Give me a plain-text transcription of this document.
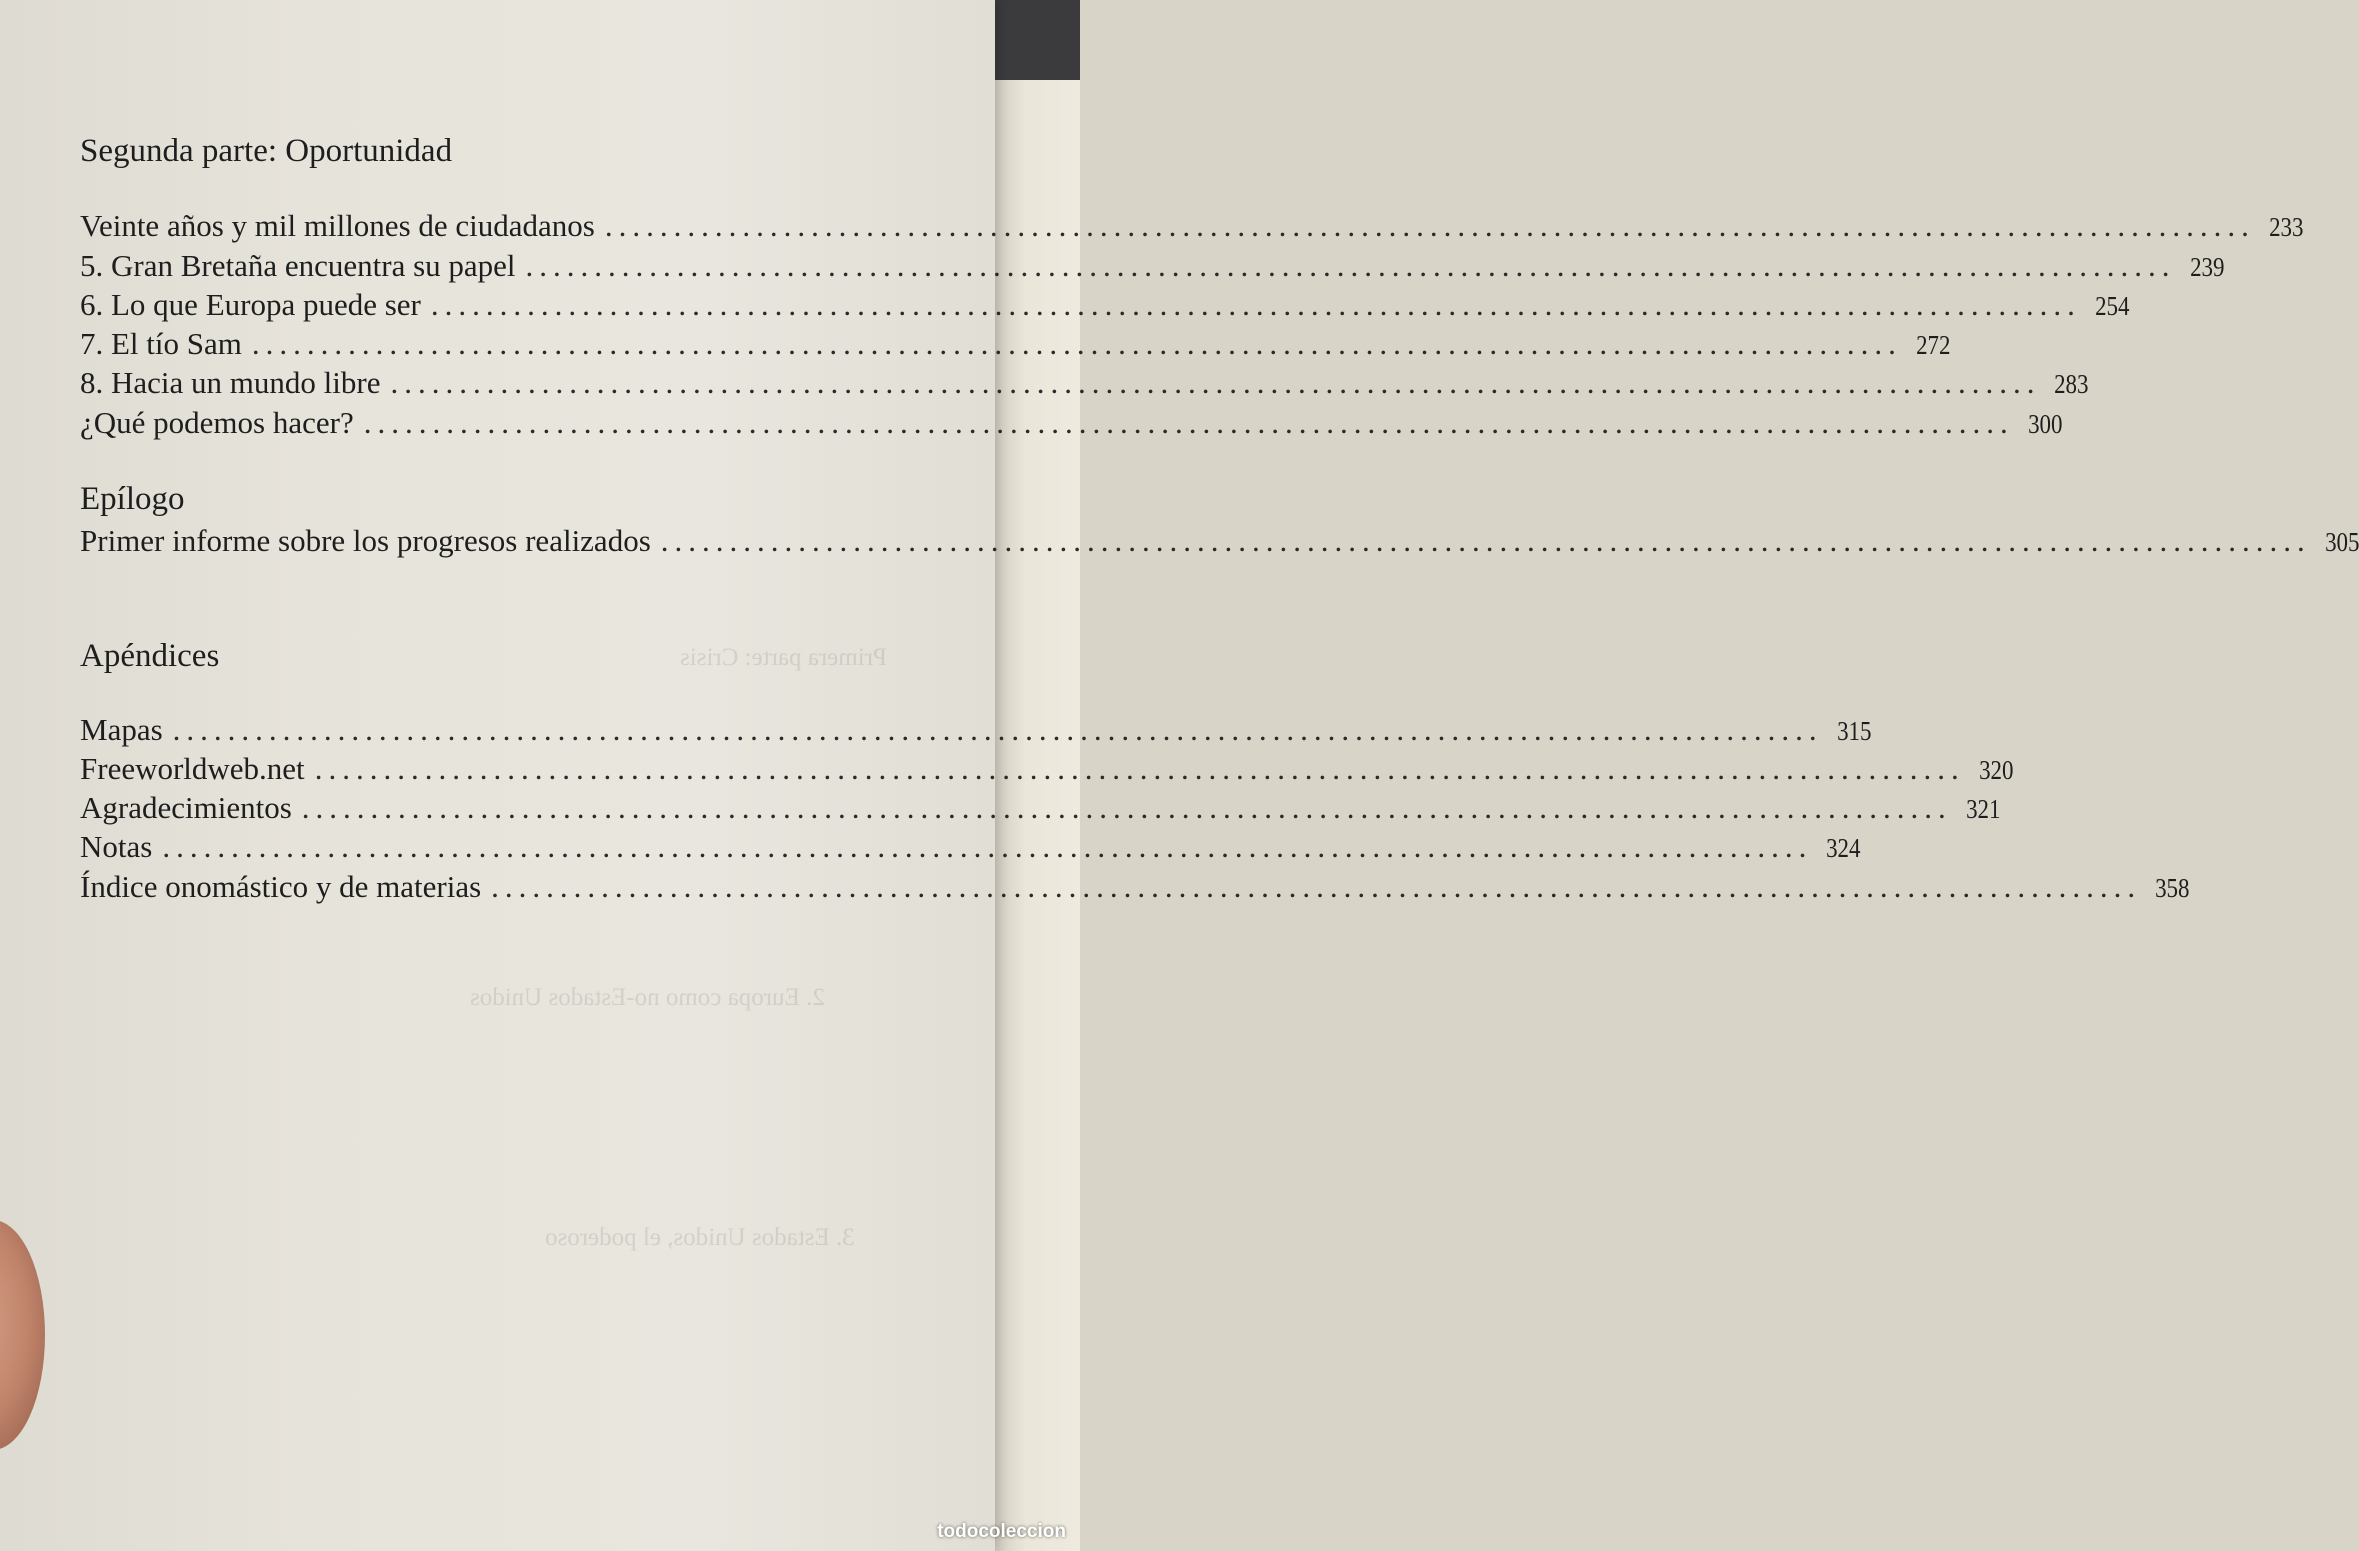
Primera parte: Crisis
2. Europa como no-Estados Unidos
3. Estados Unidos, el poderoso
Segunda parte: Oportunidad
Veinte años y mil millones de ciudadanos ........................................................................................................................ 233
5. Gran Bretaña encuentra su papel ........................................................................................................................ 239
6. Lo que Europa puede ser ........................................................................................................................ 254
7. El tío Sam ........................................................................................................................ 272
8. Hacia un mundo libre ........................................................................................................................ 283
¿Qué podemos hacer? ........................................................................................................................ 300
Epílogo
Primer informe sobre los progresos realizados ........................................................................................................................ 305
Apéndices
Mapas ........................................................................................................................ 315
Freeworldweb.net ........................................................................................................................ 320
Agradecimientos ........................................................................................................................ 321
Notas ........................................................................................................................ 324
Índice onomástico y de materias ........................................................................................................................ 358
todocoleccion
